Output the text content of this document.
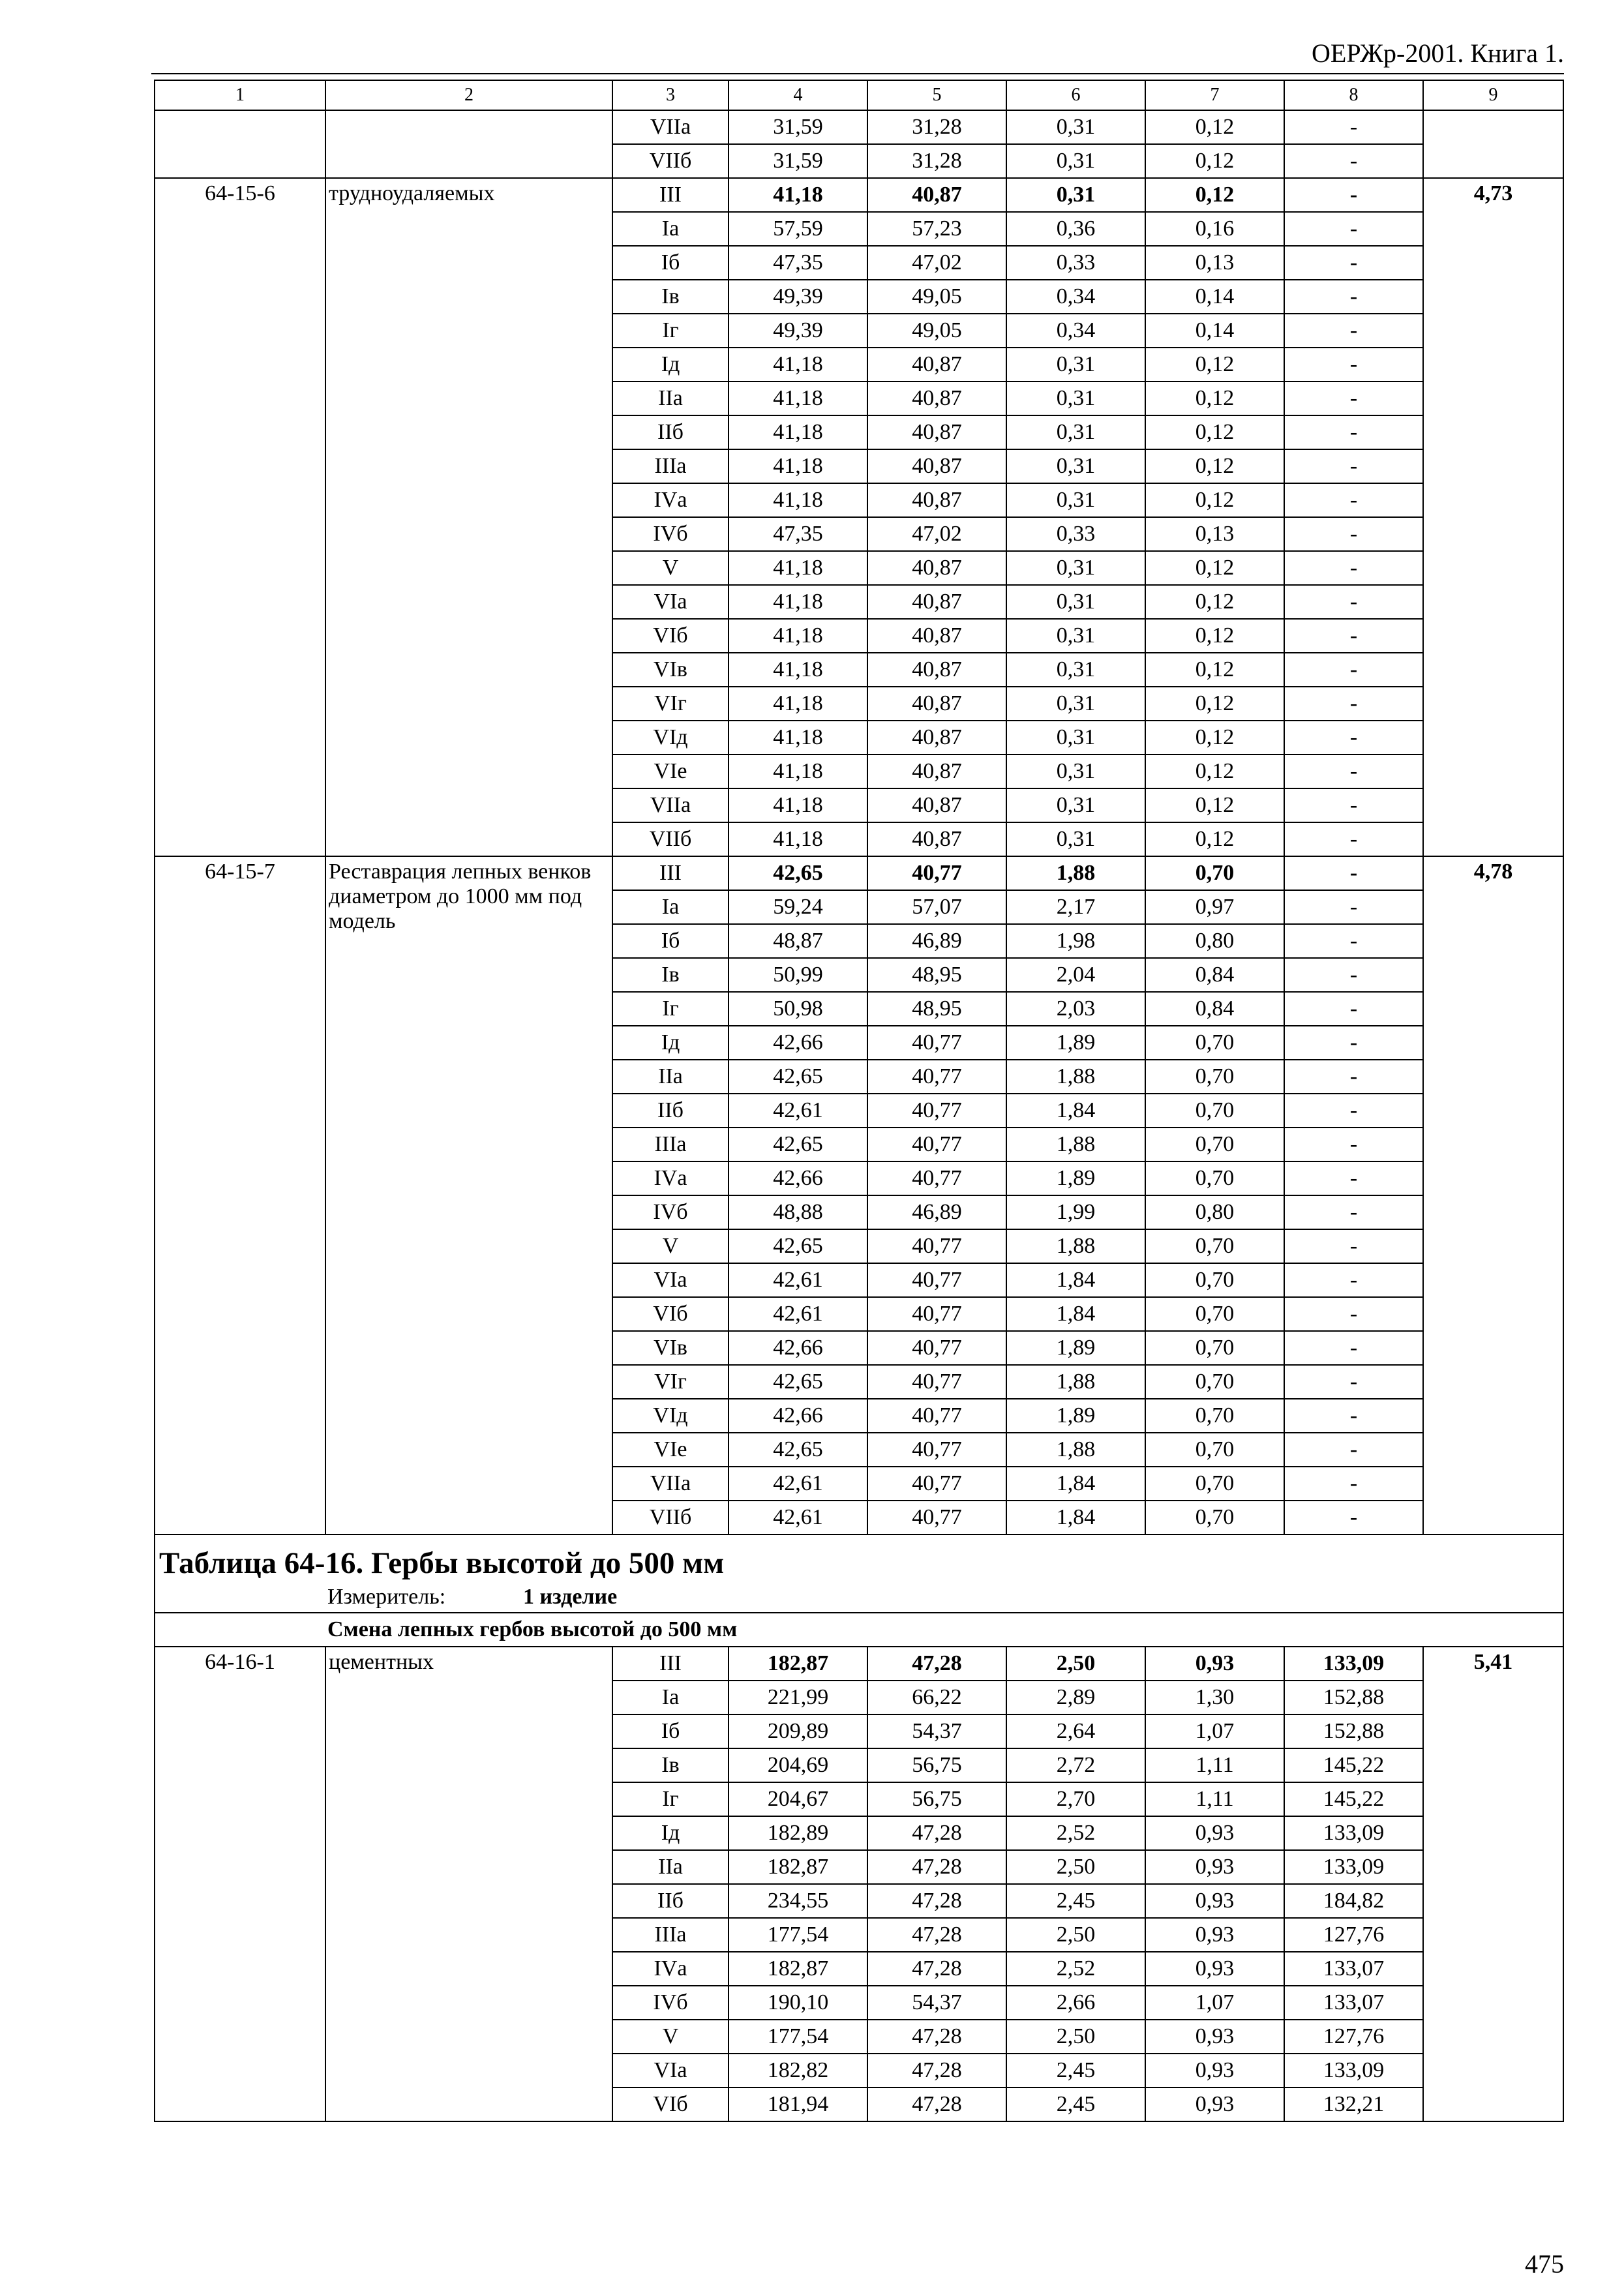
ОЕРЖр-2001. Книга 1.
1	2	3	4	5	6	7	8	9
		VIIа	31,59	31,28	0,31	0,12	-	
		VIIб	31,59	31,28	0,31	0,12	-	
64-15-6	трудноудаляемых	III	41,18	40,87	0,31	0,12	-	4,73
		Iа	57,59	57,23	0,36	0,16	-	
		Iб	47,35	47,02	0,33	0,13	-	
		Iв	49,39	49,05	0,34	0,14	-	
		Iг	49,39	49,05	0,34	0,14	-	
		Iд	41,18	40,87	0,31	0,12	-	
		IIа	41,18	40,87	0,31	0,12	-	
		IIб	41,18	40,87	0,31	0,12	-	
		IIIа	41,18	40,87	0,31	0,12	-	
		IVа	41,18	40,87	0,31	0,12	-	
		IVб	47,35	47,02	0,33	0,13	-	
		V	41,18	40,87	0,31	0,12	-	
		VIа	41,18	40,87	0,31	0,12	-	
		VIб	41,18	40,87	0,31	0,12	-	
		VIв	41,18	40,87	0,31	0,12	-	
		VIг	41,18	40,87	0,31	0,12	-	
		VIд	41,18	40,87	0,31	0,12	-	
		VIе	41,18	40,87	0,31	0,12	-	
		VIIа	41,18	40,87	0,31	0,12	-	
		VIIб	41,18	40,87	0,31	0,12	-	
64-15-7	Реставрация лепных венков диаметром до 1000 мм под модель	III	42,65	40,77	1,88	0,70	-	4,78
		Iа	59,24	57,07	2,17	0,97	-	
		Iб	48,87	46,89	1,98	0,80	-	
		Iв	50,99	48,95	2,04	0,84	-	
		Iг	50,98	48,95	2,03	0,84	-	
		Iд	42,66	40,77	1,89	0,70	-	
		IIа	42,65	40,77	1,88	0,70	-	
		IIб	42,61	40,77	1,84	0,70	-	
		IIIа	42,65	40,77	1,88	0,70	-	
		IVа	42,66	40,77	1,89	0,70	-	
		IVб	48,88	46,89	1,99	0,80	-	
		V	42,65	40,77	1,88	0,70	-	
		VIа	42,61	40,77	1,84	0,70	-	
		VIб	42,61	40,77	1,84	0,70	-	
		VIв	42,66	40,77	1,89	0,70	-	
		VIг	42,65	40,77	1,88	0,70	-	
		VIд	42,66	40,77	1,89	0,70	-	
		VIе	42,65	40,77	1,88	0,70	-	
		VIIа	42,61	40,77	1,84	0,70	-	
		VIIб	42,61	40,77	1,84	0,70	-	
Таблица 64-16. Гербы высотой до 500 мм								
Измеритель: 1 изделие								
Смена лепных гербов высотой до 500 мм								
64-16-1	цементных	III	182,87	47,28	2,50	0,93	133,09	5,41
		Iа	221,99	66,22	2,89	1,30	152,88	
		Iб	209,89	54,37	2,64	1,07	152,88	
		Iв	204,69	56,75	2,72	1,11	145,22	
		Iг	204,67	56,75	2,70	1,11	145,22	
		Iд	182,89	47,28	2,52	0,93	133,09	
		IIа	182,87	47,28	2,50	0,93	133,09	
		IIб	234,55	47,28	2,45	0,93	184,82	
		IIIа	177,54	47,28	2,50	0,93	127,76	
		IVа	182,87	47,28	2,52	0,93	133,07	
		IVб	190,10	54,37	2,66	1,07	133,07	
		V	177,54	47,28	2,50	0,93	127,76	
		VIа	182,82	47,28	2,45	0,93	133,09	
		VIб	181,94	47,28	2,45	0,93	132,21	
475
